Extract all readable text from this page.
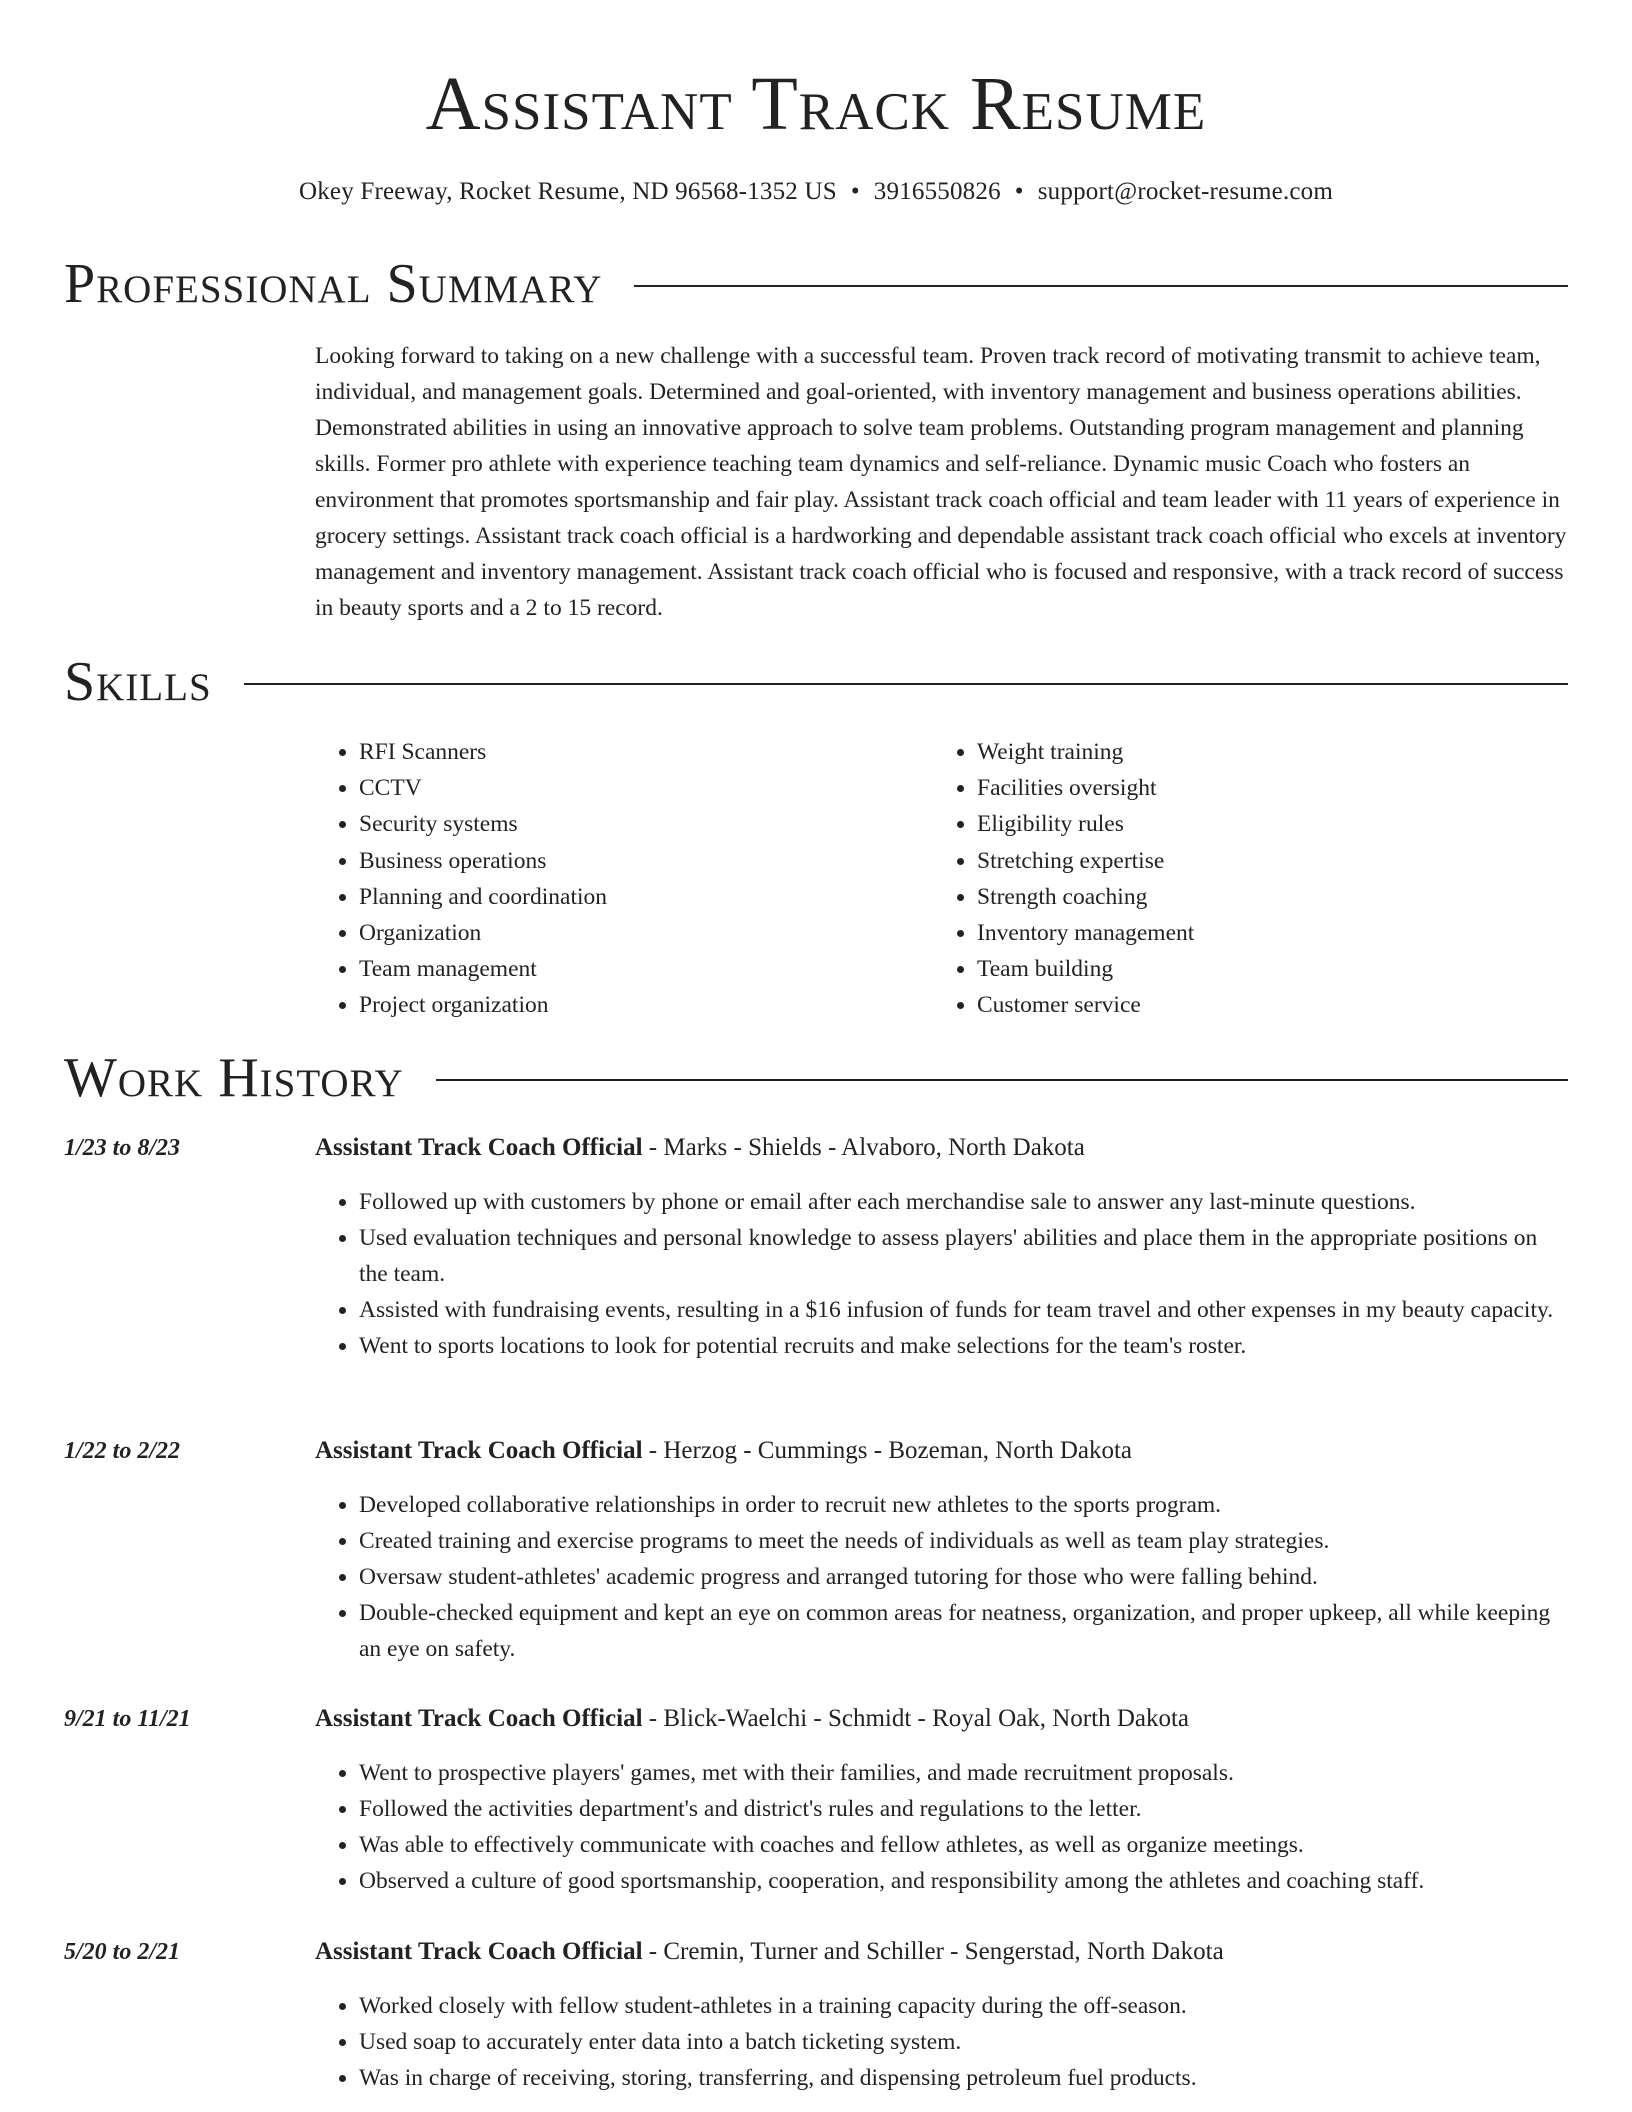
Assistant Track Resume
Okey Freeway, Rocket Resume, ND 96568-1352 US • 3916550826 • support@rocket-resume.com
Professional Summary

Looking forward to taking on a new challenge with a successful team. Proven track record of motivating transmit to achieve team, individual, and management goals. Determined and goal-oriented, with inventory management and business operations abilities. Demonstrated abilities in using an innovative approach to solve team problems. Outstanding program management and planning skills. Former pro athlete with experience teaching team dynamics and self-reliance. Dynamic music Coach who fosters an environment that promotes sportsmanship and fair play. Assistant track coach official and team leader with 11 years of experience in grocery settings. Assistant track coach official is a hardworking and dependable assistant track coach official who excels at inventory management and inventory management. Assistant track coach official who is focused and responsive, with a track record of success in beauty sports and a 2 to 15 record.

Skills
• RFI Scanners
• CCTV
• Security systems
• Business operations
• Planning and coordination
• Organization
• Team management
• Project organization
• Weight training
• Facilities oversight
• Eligibility rules
• Stretching expertise
• Strength coaching
• Inventory management
• Team building
• Customer service
Work History
1/23 to 8/23	Assistant Track Coach Official - Marks - Shields - Alvaboro, North Dakota
• Followed up with customers by phone or email after each merchandise sale to answer any last-minute questions.
• Used evaluation techniques and personal knowledge to assess players' abilities and place them in the appropriate positions on the team.
• Assisted with fundraising events, resulting in a $16 infusion of funds for team travel and other expenses in my beauty capacity.
• Went to sports locations to look for potential recruits and make selections for the team's roster.
1/22 to 2/22	Assistant Track Coach Official - Herzog - Cummings - Bozeman, North Dakota
• Developed collaborative relationships in order to recruit new athletes to the sports program.
• Created training and exercise programs to meet the needs of individuals as well as team play strategies.
• Oversaw student-athletes' academic progress and arranged tutoring for those who were falling behind.
• Double-checked equipment and kept an eye on common areas for neatness, organization, and proper upkeep, all while keeping an eye on safety.
9/21 to 11/21	Assistant Track Coach Official - Blick-Waelchi - Schmidt - Royal Oak, North Dakota
• Went to prospective players' games, met with their families, and made recruitment proposals.
• Followed the activities department's and district's rules and regulations to the letter.
• Was able to effectively communicate with coaches and fellow athletes, as well as organize meetings.
• Observed a culture of good sportsmanship, cooperation, and responsibility among the athletes and coaching staff.
5/20 to 2/21	Assistant Track Coach Official - Cremin, Turner and Schiller - Sengerstad, North Dakota
• Worked closely with fellow student-athletes in a training capacity during the off-season.
• Used soap to accurately enter data into a batch ticketing system.
• Was in charge of receiving, storing, transferring, and dispensing petroleum fuel products.
